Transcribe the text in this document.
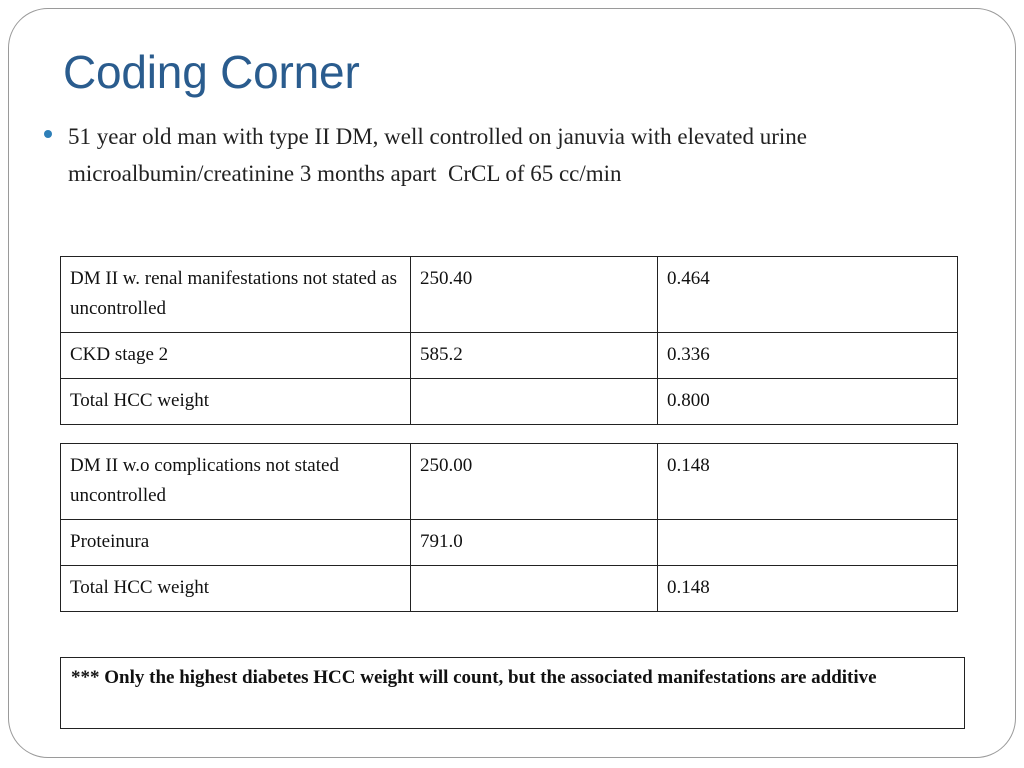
Coding Corner
51 year old man with type II DM, well controlled on januvia with elevated urine microalbumin/creatinine 3 months apart  CrCL of 65 cc/min
DM II w. renal manifestations not stated as uncontrolled	250.40	0.464
CKD stage 2	585.2	0.336
Total HCC weight		0.800
DM II w.o complications not stated uncontrolled	250.00	0.148
Proteinura	791.0	
Total HCC weight		0.148
*** Only the highest diabetes HCC weight will count, but the associated manifestations are additive
